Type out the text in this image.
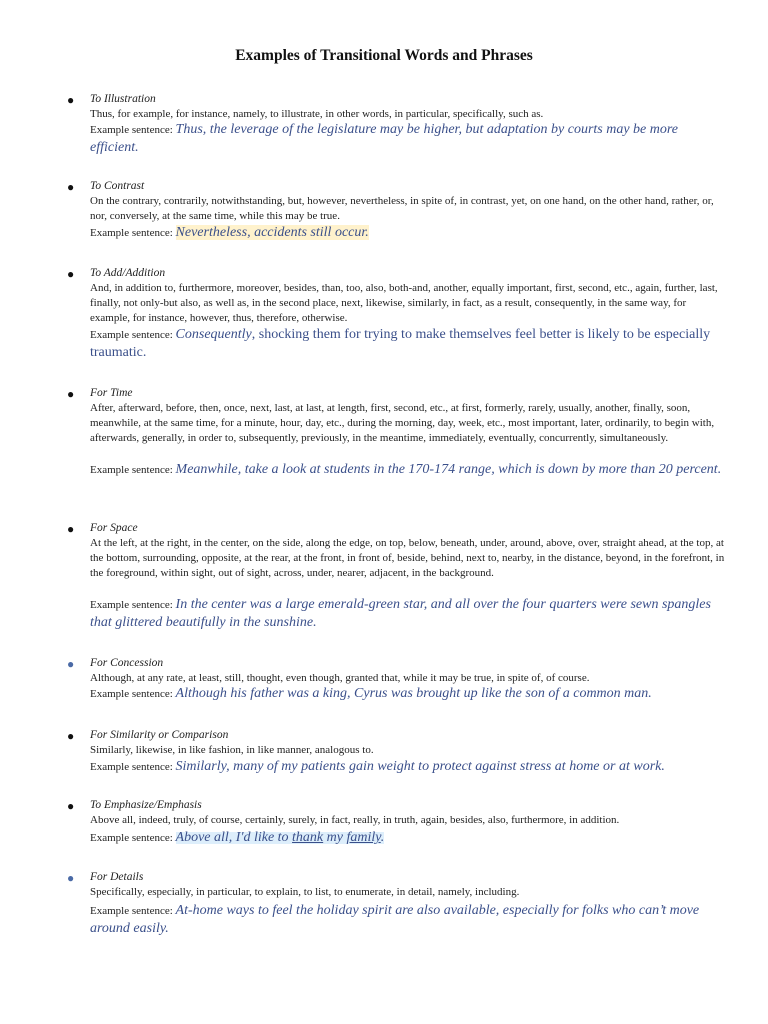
Examples of Transitional Words and Phrases
● To Illustration
Thus, for example, for instance, namely, to illustrate, in other words, in particular, specifically, such as.
Example sentence: Thus, the leverage of the legislature may be higher, but adaptation by courts may be more efficient.
● To Contrast
On the contrary, contrarily, notwithstanding, but, however, nevertheless, in spite of, in contrast, yet, on one hand, on the other hand, rather, or, nor, conversely, at the same time, while this may be true.
Example sentence: Nevertheless, accidents still occur.
● To Add/Addition
And, in addition to, furthermore, moreover, besides, than, too, also, both-and, another, equally important, first, second, etc., again, further, last, finally, not only-but also, as well as, in the second place, next, likewise, similarly, in fact, as a result, consequently, in the same way, for example, for instance, however, thus, therefore, otherwise.
Example sentence: Consequently, shocking them for trying to make themselves feel better is likely to be especially traumatic.
● For Time
After, afterward, before, then, once, next, last, at last, at length, first, second, etc., at first, formerly, rarely, usually, another, finally, soon, meanwhile, at the same time, for a minute, hour, day, etc., during the morning, day, week, etc., most important, later, ordinarily, to begin with, afterwards, generally, in order to, subsequently, previously, in the meantime, immediately, eventually, concurrently, simultaneously.
Example sentence: Meanwhile, take a look at students in the 170-174 range, which is down by more than 20 percent.
● For Space
At the left, at the right, in the center, on the side, along the edge, on top, below, beneath, under, around, above, over, straight ahead, at the top, at the bottom, surrounding, opposite, at the rear, at the front, in front of, beside, behind, next to, nearby, in the distance, beyond, in the forefront, in the foreground, within sight, out of sight, across, under, nearer, adjacent, in the background.
Example sentence: In the center was a large emerald-green star, and all over the four quarters were sewn spangles that glittered beautifully in the sunshine.
● For Concession
Although, at any rate, at least, still, thought, even though, granted that, while it may be true, in spite of, of course.
Example sentence: Although his father was a king, Cyrus was brought up like the son of a common man.
● For Similarity or Comparison
Similarly, likewise, in like fashion, in like manner, analogous to.
Example sentence: Similarly, many of my patients gain weight to protect against stress at home or at work.
● To Emphasize/Emphasis
Above all, indeed, truly, of course, certainly, surely, in fact, really, in truth, again, besides, also, furthermore, in addition.
Example sentence: Above all, I'd like to thank my family.
● For Details
Specifically, especially, in particular, to explain, to list, to enumerate, in detail, namely, including.
Example sentence: At-home ways to feel the holiday spirit are also available, especially for folks who can’t move around easily.
